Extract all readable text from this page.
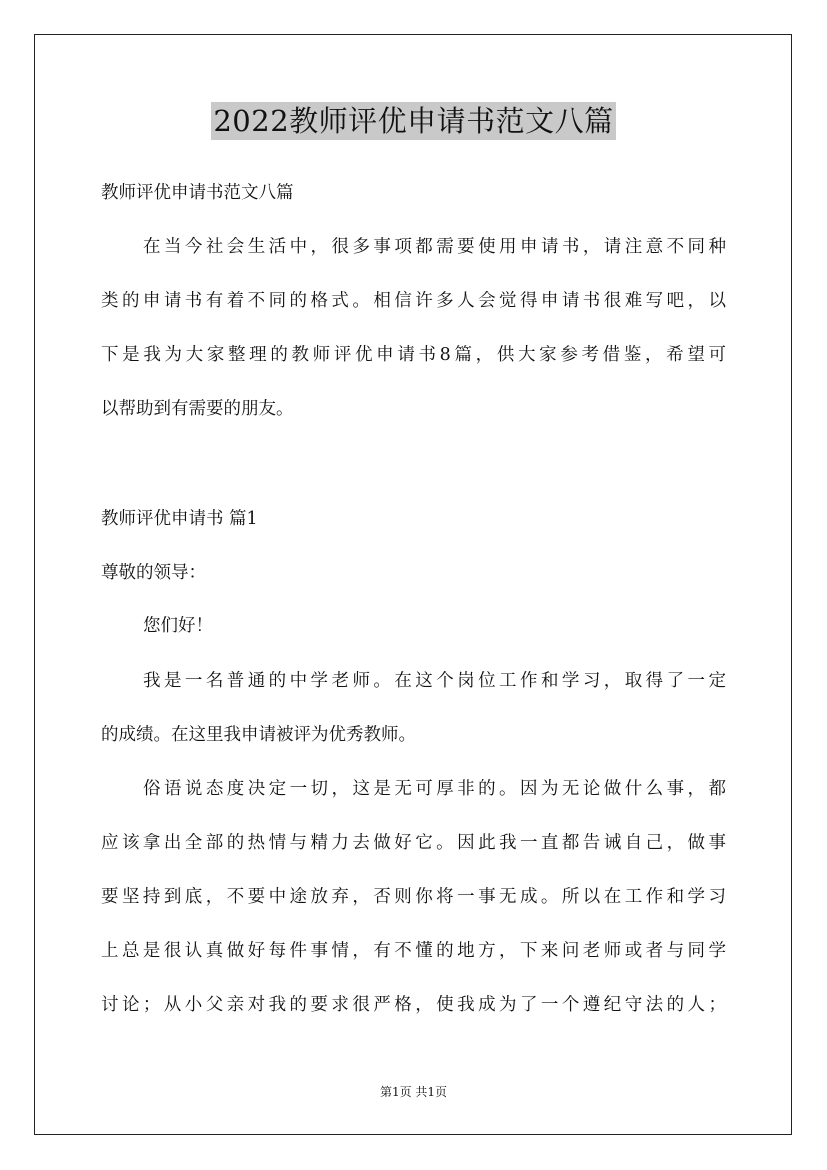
2022教师评优申请书范文八篇
教师评优申请书范文八篇
在当今社会生活中，很多事项都需要使用申请书，请注意不同种
类的申请书有着不同的格式。相信许多人会觉得申请书很难写吧，以
下是我为大家整理的教师评优申请书8篇，供大家参考借鉴，希望可
以帮助到有需要的朋友。
教师评优申请书 篇1
尊敬的领导：
您们好！
我是一名普通的中学老师。在这个岗位工作和学习，取得了一定
的成绩。在这里我申请被评为优秀教师。
俗语说态度决定一切，这是无可厚非的。因为无论做什么事，都
应该拿出全部的热情与精力去做好它。因此我一直都告诫自己，做事
要坚持到底，不要中途放弃，否则你将一事无成。所以在工作和学习
上总是很认真做好每件事情，有不懂的地方，下来问老师或者与同学
讨论；从小父亲对我的要求很严格，使我成为了一个遵纪守法的人；
第1页 共1页
